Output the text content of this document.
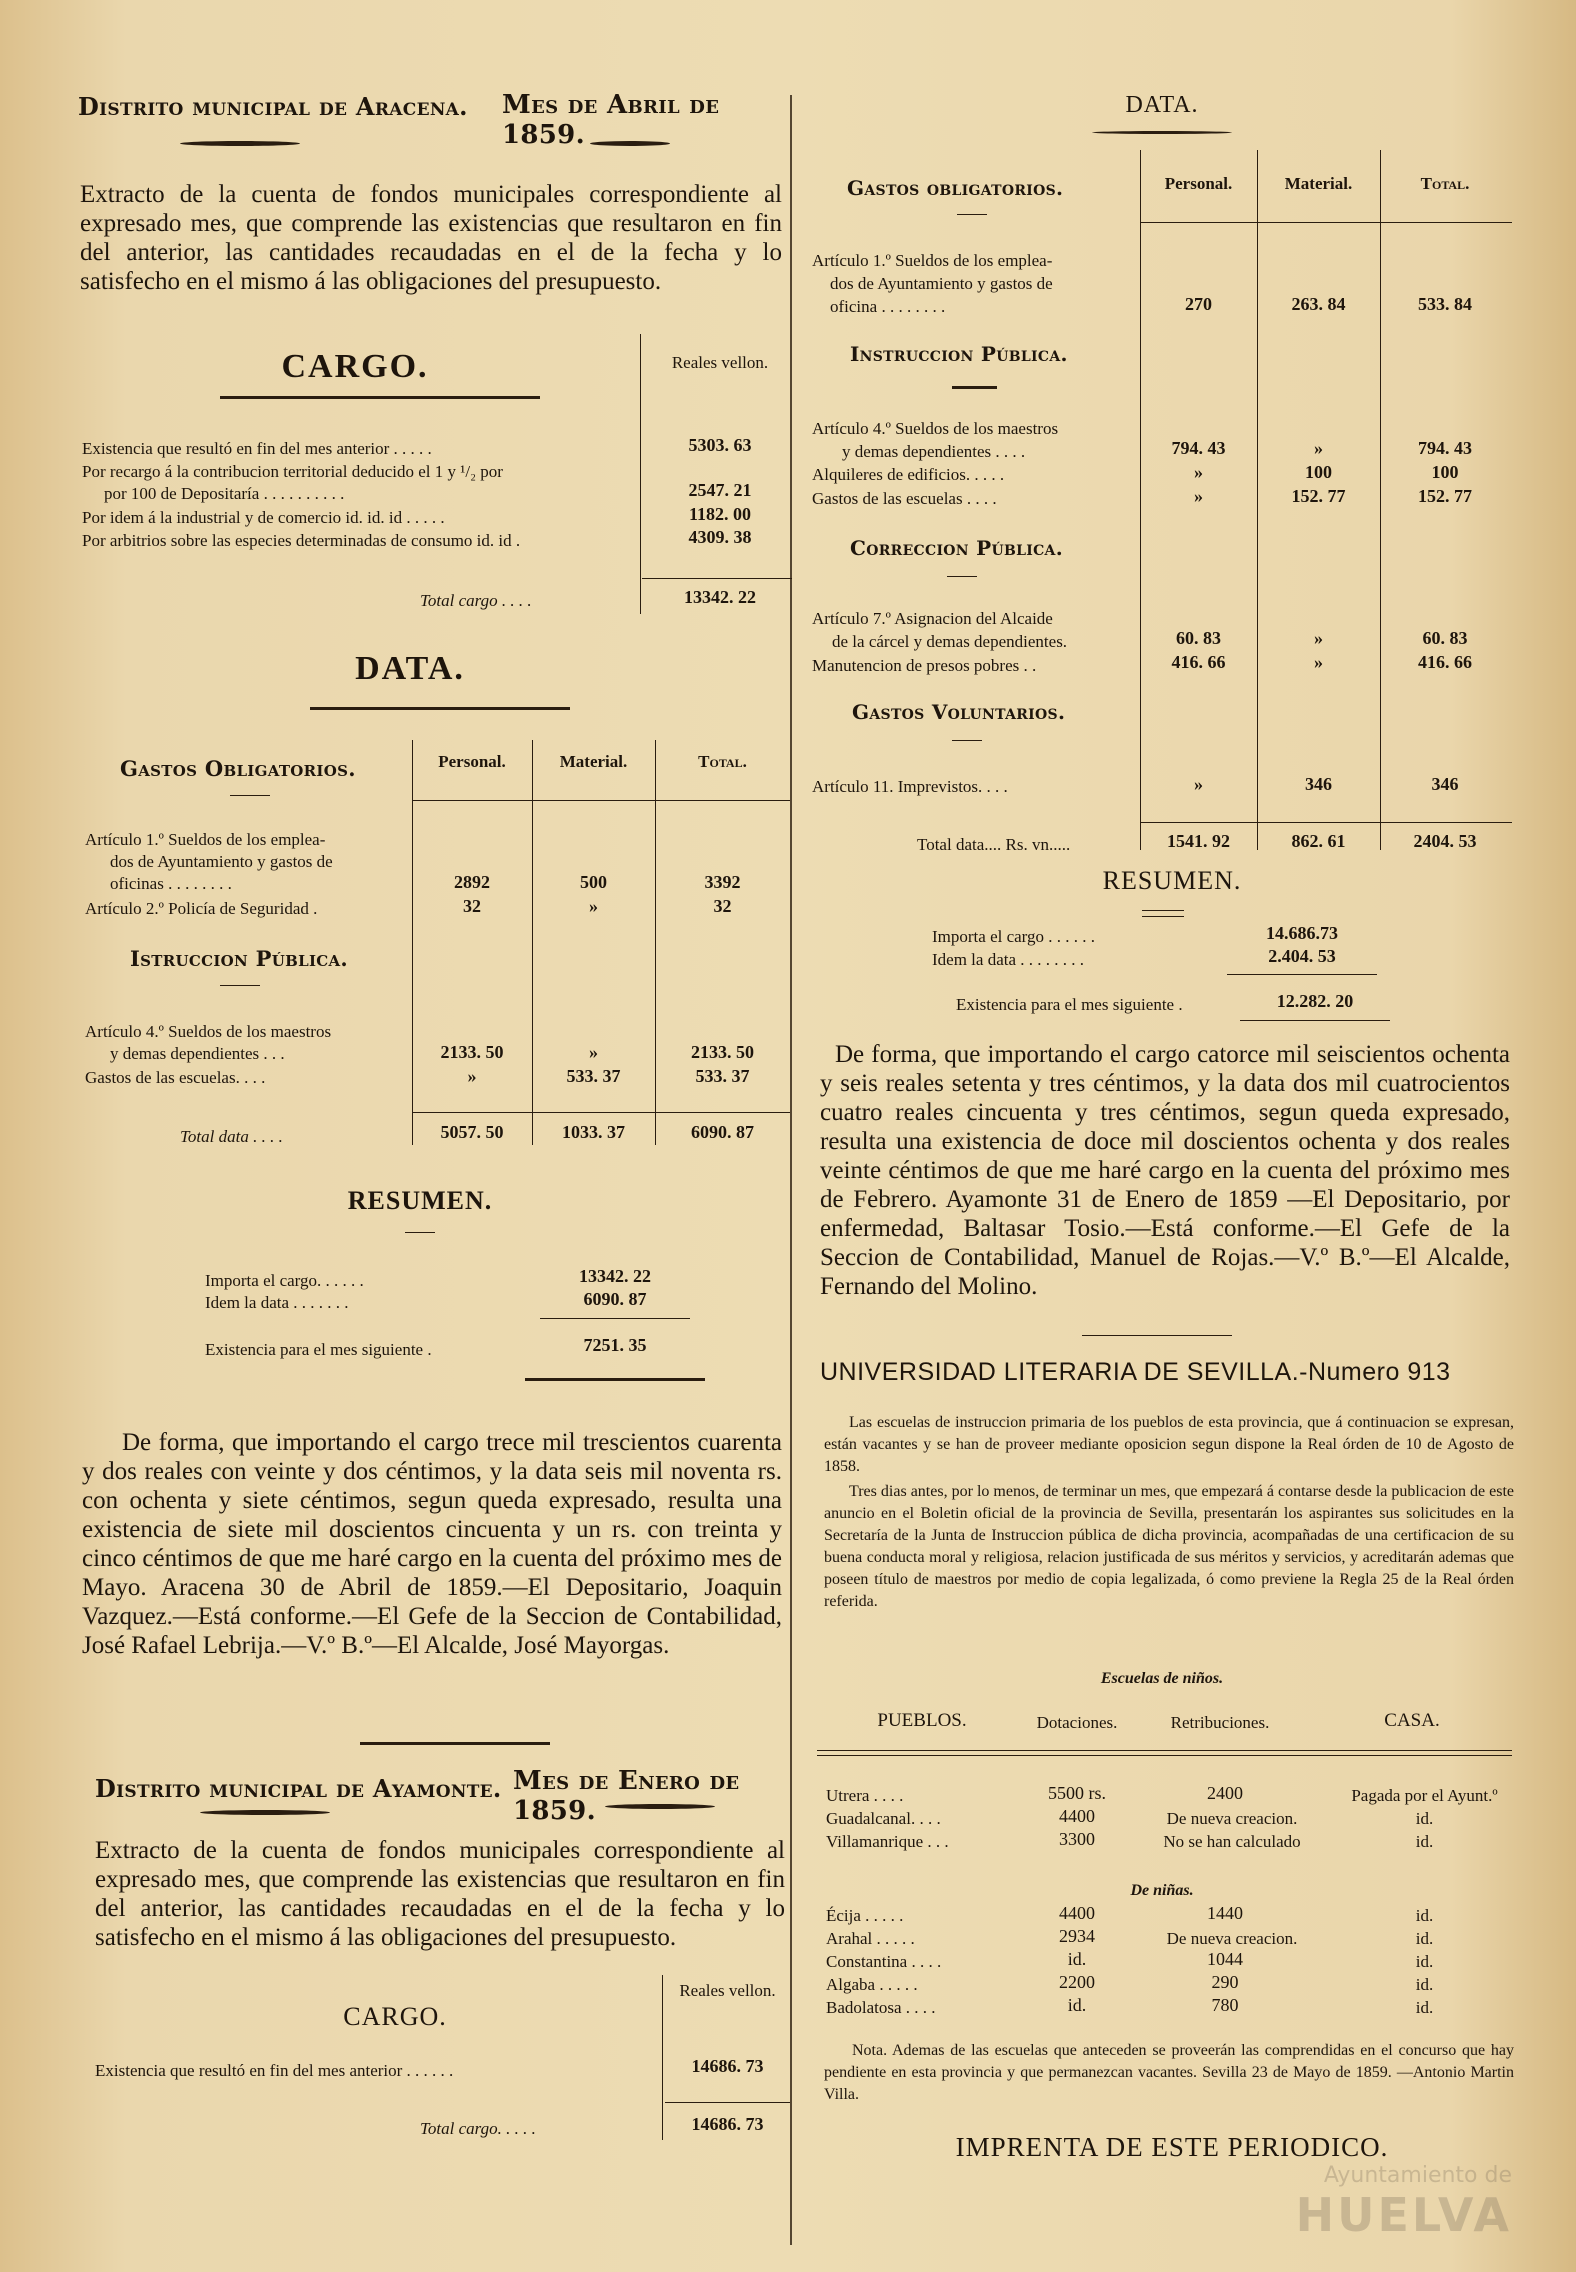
Distrito municipal de Aracena. Mes de Abril de 1859.
Extracto de la cuenta de fondos municipales correspondiente al expresado mes, que comprende las existencias que resultaron en fin del anterior, las cantidades recaudadas en el de la fecha y lo satisfecho en el mismo á las obligaciones del presupuesto.
CARGO.	Reales vellon.
Existencia que resultó en fin del mes anterior . . . . .	5303. 63
Por recargo á la contribucion territorial deducido el 1 y ¹/₂ por
por 100 de Depositaría . . . . . . . . . .	2547. 21
Por idem á la industrial y de comercio id. id. id . . . . .	1182. 00
Por arbitrios sobre las especies determinadas de consumo id. id .	4309. 38
Total cargo . . . .	13342. 22
DATA.
Personal.	Material.	Total.
Gastos Obligatorios.
Artículo 1.º Sueldos de los emplea-
dos de Ayuntamiento y gastos de
oficinas . . . . . . . .	2892	500	3392
Artículo 2.º Policía de Seguridad .	32	»	32
Istruccion Pública.
Artículo 4.º Sueldos de los maestros
y demas dependientes . . .	2133. 50	»	2133. 50
Gastos de las escuelas. . . .	»	533. 37	533. 37
Total data . . . .	5057. 50	1033. 37	6090. 87
RESUMEN.
Importa el cargo. . . . . .	13342. 22
Idem la data . . . . . . .	6090. 87
Existencia para el mes siguiente .	7251. 35
De forma, que importando el cargo trece mil trescientos cuarenta y dos reales con veinte y dos céntimos, y la data seis mil noventa rs. con ochenta y siete céntimos, segun queda expresado, resulta una existencia de siete mil doscientos cincuenta y un rs. con treinta y cinco céntimos de que me haré cargo en la cuenta del próximo mes de Mayo. Aracena 30 de Abril de 1859.—El Depositario, Joaquin Vazquez.—Está conforme.—El Gefe de la Seccion de Contabilidad, José Rafael Lebrija.—V.º B.º—El Alcalde, José Mayorgas.
Distrito municipal de Ayamonte. Mes de Enero de 1859.
Extracto de la cuenta de fondos municipales correspondiente al expresado mes, que comprende las existencias que resultaron en fin del anterior, las cantidades recaudadas en el de la fecha y lo satisfecho en el mismo á las obligaciones del presupuesto.
CARGO.
Reales vellon.
Existencia que resultó en fin del mes anterior . . . . . .	14686. 73
Total cargo. . . . .	14686. 73
DATA.
Personal.	Material.	Total.
Gastos obligatorios.
Artículo 1.º Sueldos de los emplea-
dos de Ayuntamiento y gastos de
oficina . . . . . . . .	270	263. 84	533. 84
Instruccion Pública.
Artículo 4.º Sueldos de los maestros
y demas dependientes . . . .	794. 43	»	794. 43
Alquileres de edificios. . . . .	»	100	100
Gastos de las escuelas . . . .	»	152. 77	152. 77
Correccion Pública.
Artículo 7.º Asignacion del Alcaide
de la cárcel y demas dependientes.	60. 83	»	60. 83
Manutencion de presos pobres . .	416. 66	»	416. 66
Gastos Voluntarios.
Artículo 11. Imprevistos. . . .	»	346	346
Total data.... Rs. vn.....	1541. 92	862. 61	2404. 53
RESUMEN.
Importa el cargo . . . . . .	14.686.73
Idem la data . . . . . . . .	2.404. 53
Existencia para el mes siguiente .	12.282. 20
De forma, que importando el cargo catorce mil seiscientos ochenta y seis reales setenta y tres céntimos, y la data dos mil cuatrocientos cuatro reales cincuenta y tres céntimos, segun queda expresado, resulta una existencia de doce mil doscientos ochenta y dos reales veinte céntimos de que me haré cargo en la cuenta del próximo mes de Febrero. Ayamonte 31 de Enero de 1859 —El Depositario, por enfermedad, Baltasar Tosio.—Está conforme.—El Gefe de la Seccion de Contabilidad, Manuel de Rojas.—V.º B.º—El Alcalde, Fernando del Molino.
UNIVERSIDAD LITERARIA DE SEVILLA.-Numero 913
Las escuelas de instruccion primaria de los pueblos de esta provincia, que á continuacion se expresan, están vacantes y se han de proveer mediante oposicion segun dispone la Real órden de 10 de Agosto de 1858.
Tres dias antes, por lo menos, de terminar un mes, que empezará á contarse desde la publicacion de este anuncio en el Boletin oficial de la provincia de Sevilla, presentarán los aspirantes sus solicitudes en la Secretaría de la Junta de Instruccion pública de dicha provincia, acompañadas de una certificacion de su buena conducta moral y religiosa, relacion justificada de sus méritos y servicios, y acreditarán ademas que poseen título de maestros por medio de copia legalizada, ó como previene la Regla 25 de la Real órden referida.
Escuelas de niños.
PUEBLOS.	Dotaciones.	Retribuciones.	CASA.
Utrera . . . .	5500 rs.	2400	Pagada por el Ayunt.º
Guadalcanal. . . .	4400	De nueva creacion.	id.
Villamanrique . . .	3300	No se han calculado	id.
De niñas.
Écija . . . . .	4400	1440	id.
Arahal . . . . .	2934	De nueva creacion.	id.
Constantina . . . .	id.	1044	id.
Algaba . . . . .	2200	290	id.
Badolatosa . . . .	id.	780	id.
Nota. Ademas de las escuelas que anteceden se proveerán las comprendidas en el concurso que hay pendiente en esta provincia y que permanezcan vacantes. Sevilla 23 de Mayo de 1859. —Antonio Martin Villa.
IMPRENTA DE ESTE PERIODICO.
Ayuntamiento de
HUELVA
